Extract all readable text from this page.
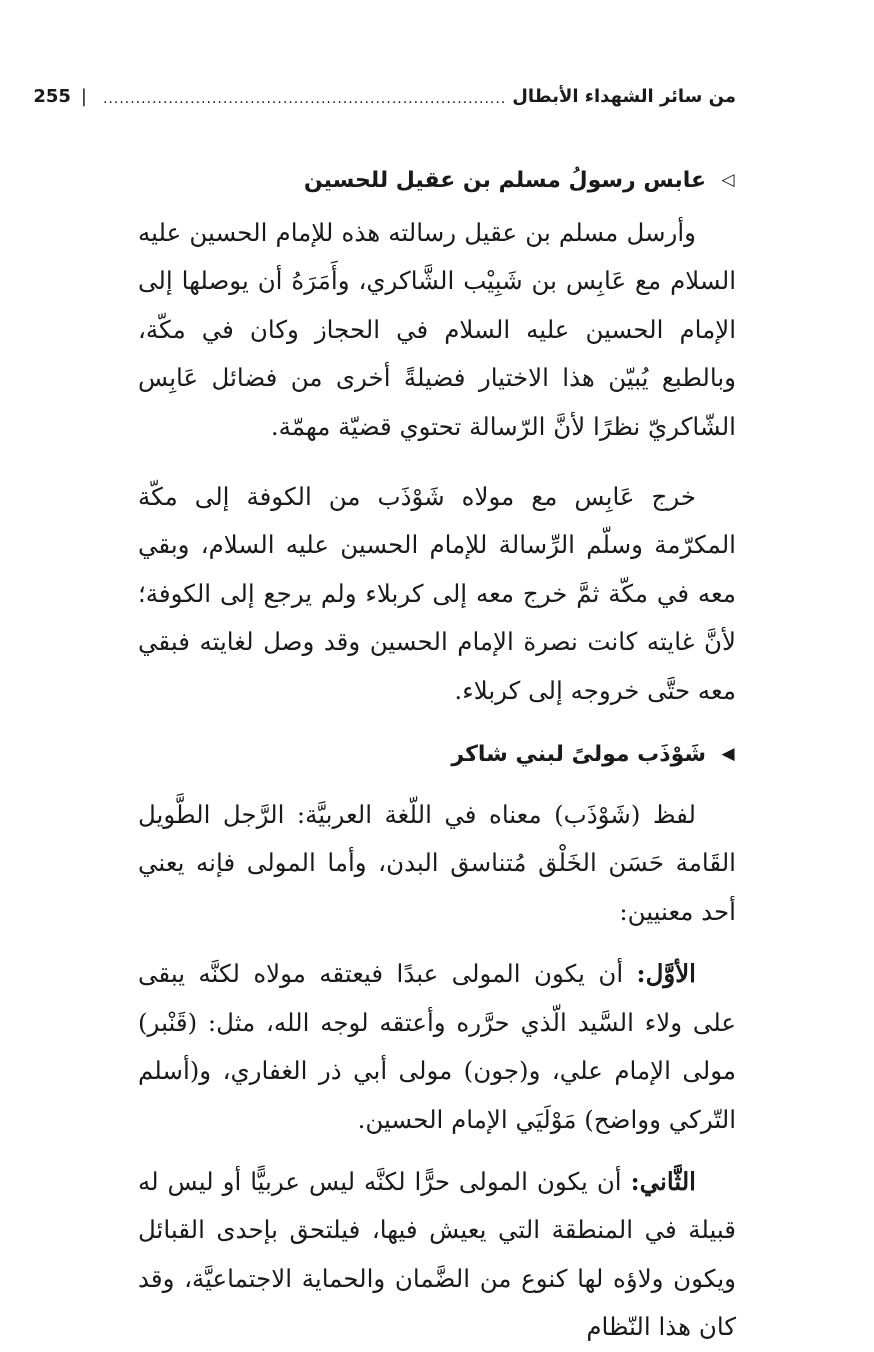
من سائر الشهداء الأبطال
..........................................................................
|
255
◁
عابس رسولُ مسلم بن عقيل للحسين

وأرسل مسلم بن عقيل رسالته هذه للإمام الحسين عليه السلام مع عَابِس بن شَبِيْب الشَّاكري، وأَمَرَهُ أن يوصلها إلى الإمام الحسين عليه السلام في الحجاز وكان في مكّة، وبالطبع يُبيّن هذا الاختيار فضيلةً أخرى من فضائل عَابِس الشّاكريّ نظرًا لأنَّ الرّسالة تحتوي قضيّة مهمّة.

خرج عَابِس مع مولاه شَوْذَب من الكوفة إلى مكّة المكرّمة وسلّم الرِّسالة للإمام الحسين عليه السلام، وبقي معه في مكّة ثمَّ خرج معه إلى كربلاء ولم يرجع إلى الكوفة؛ لأنَّ غايته كانت نصرة الإمام الحسين وقد وصل لغايته فبقي معه حتَّى خروجه إلى كربلاء.

◀
شَوْذَب مولىً لبني شاكر

لفظ (شَوْذَب) معناه في اللّغة العربيَّة: الرَّجل الطَّويل القَامة حَسَن الخَلْق مُتناسق البدن، وأما المولى فإنه يعني أحد معنيين:

الأوَّل: أن يكون المولى عبدًا فيعتقه مولاه لكنَّه يبقى على ولاء السَّيد الّذي حرَّره وأعتقه لوجه الله، مثل: (قَنْبر) مولى الإمام علي، و(جون) مولى أبي ذر الغفاري، و(أسلم التّركي وواضح) مَوْلَيَي الإمام الحسين.

الثَّاني: أن يكون المولى حرًّا لكنَّه ليس عربيًّا أو ليس له قبيلة في المنطقة التي يعيش فيها، فيلتحق بإحدى القبائل ويكون ولاؤه لها كنوع من الضَّمان والحماية الاجتماعيَّة، وقد كان هذا النّظام
